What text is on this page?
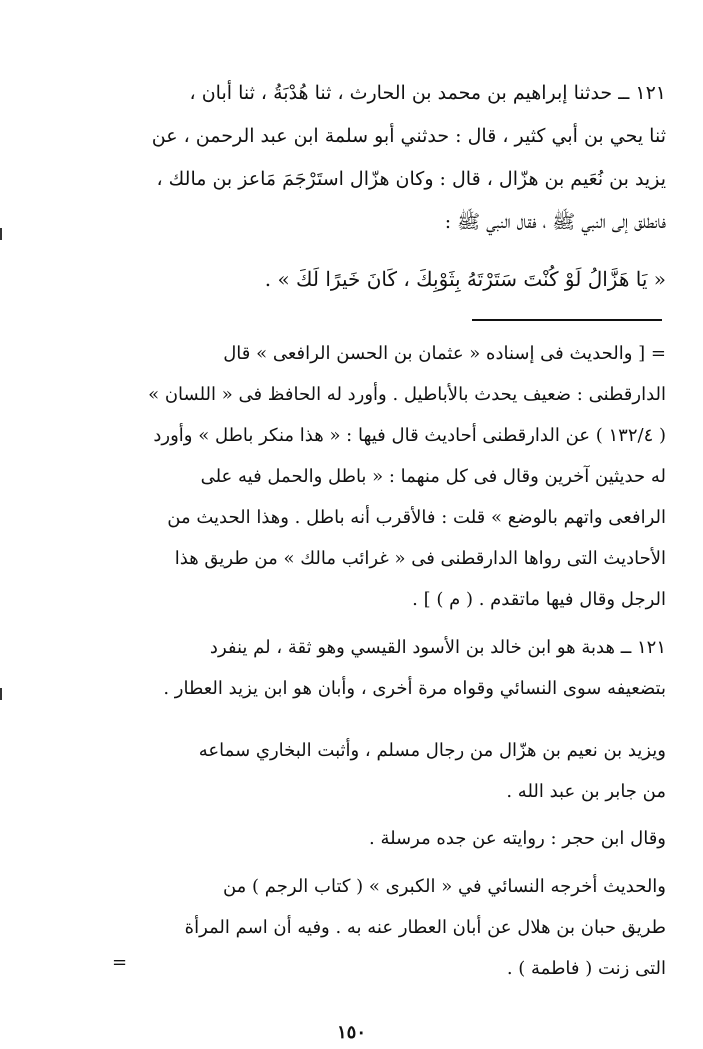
١٢١ ــ حدثنا إبراهيم بن محمد بن الحارث ، ثنا هُدْبَةُ ، ثنا أبان ،
ثنا يحي بن أبي كثير ، قال : حدثني أبو سلمة ابن عبد الرحمن ، عن
يزيد بن نُعَيم بن هزّال ، قال : وكان هزّال استَرْجَمَ مَاعز بن مالك ،
فانطلق إلى النبي ﷺ ، فقال النبي ﷺ :
« يَا هَزَّالُ لَوْ كُنْتَ سَتَرْتَهُ بِثَوْبِكَ ، كَانَ خَيرًا لَكَ » .
= [ والحديث فى إسناده « عثمان بن الحسن الرافعى » قال
الدارقطنى : ضعيف يحدث بالأباطيل . وأورد له الحافظ فى « اللسان »
( ١٣٢/٤ ) عن الدارقطنى أحاديث قال فيها : « هذا منكر باطل » وأورد
له حديثين آخرين وقال فى كل منهما : « باطل والحمل فيه على
الرافعى واتهم بالوضع » قلت : فالأقرب أنه باطل . وهذا الحديث من
الأحاديث التى رواها الدارقطنى فى « غرائب مالك » من طريق هذا
الرجل وقال فيها ماتقدم . ( م ) ] .
١٢١ ــ هدبة هو ابن خالد بن الأسود القيسي وهو ثقة ، لم ينفرد
بتضعيفه سوى النسائي وقواه مرة أخرى ، وأبان هو ابن يزيد العطار .
ويزيد بن نعيم بن هزّال من رجال مسلم ، وأثبت البخاري سماعه
من جابر بن عبد الله .
وقال ابن حجر : روايته عن جده مرسلة .
والحديث أخرجه النسائي في « الكبرى » ( كتاب الرجم ) من
طريق حبان بن هلال عن أبان العطار عنه به . وفيه أن اسم المرأة
التى زنت ( فاطمة ) .
=
١٥٠
